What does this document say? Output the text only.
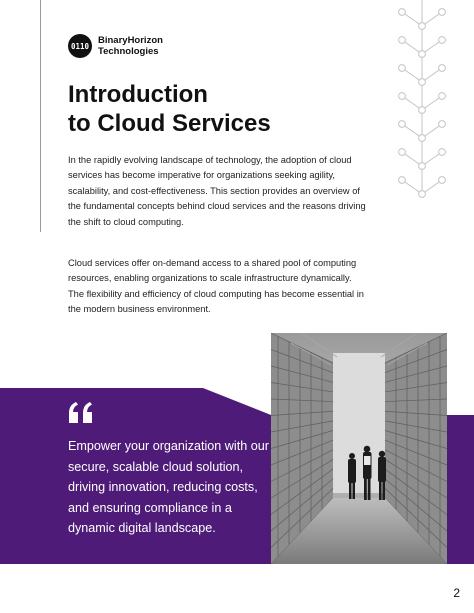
0110 BinaryHorizon
Technologies
Introduction
to Cloud Services

In the rapidly evolving landscape of technology, the adoption of cloud services has become imperative for organizations seeking agility, scalability, and cost-effectiveness. This section provides an overview of the fundamental concepts behind cloud services and the reasons driving the shift to cloud computing.

Cloud services offer on-demand access to a shared pool of computing resources, enabling organizations to scale infrastructure dynamically. The flexibility and efficiency of cloud computing has become essential in the modern business environment.

Empower your organization with our secure, scalable cloud solution, driving innovation, reducing costs, and ensuring compliance in a dynamic digital landscape.

2
